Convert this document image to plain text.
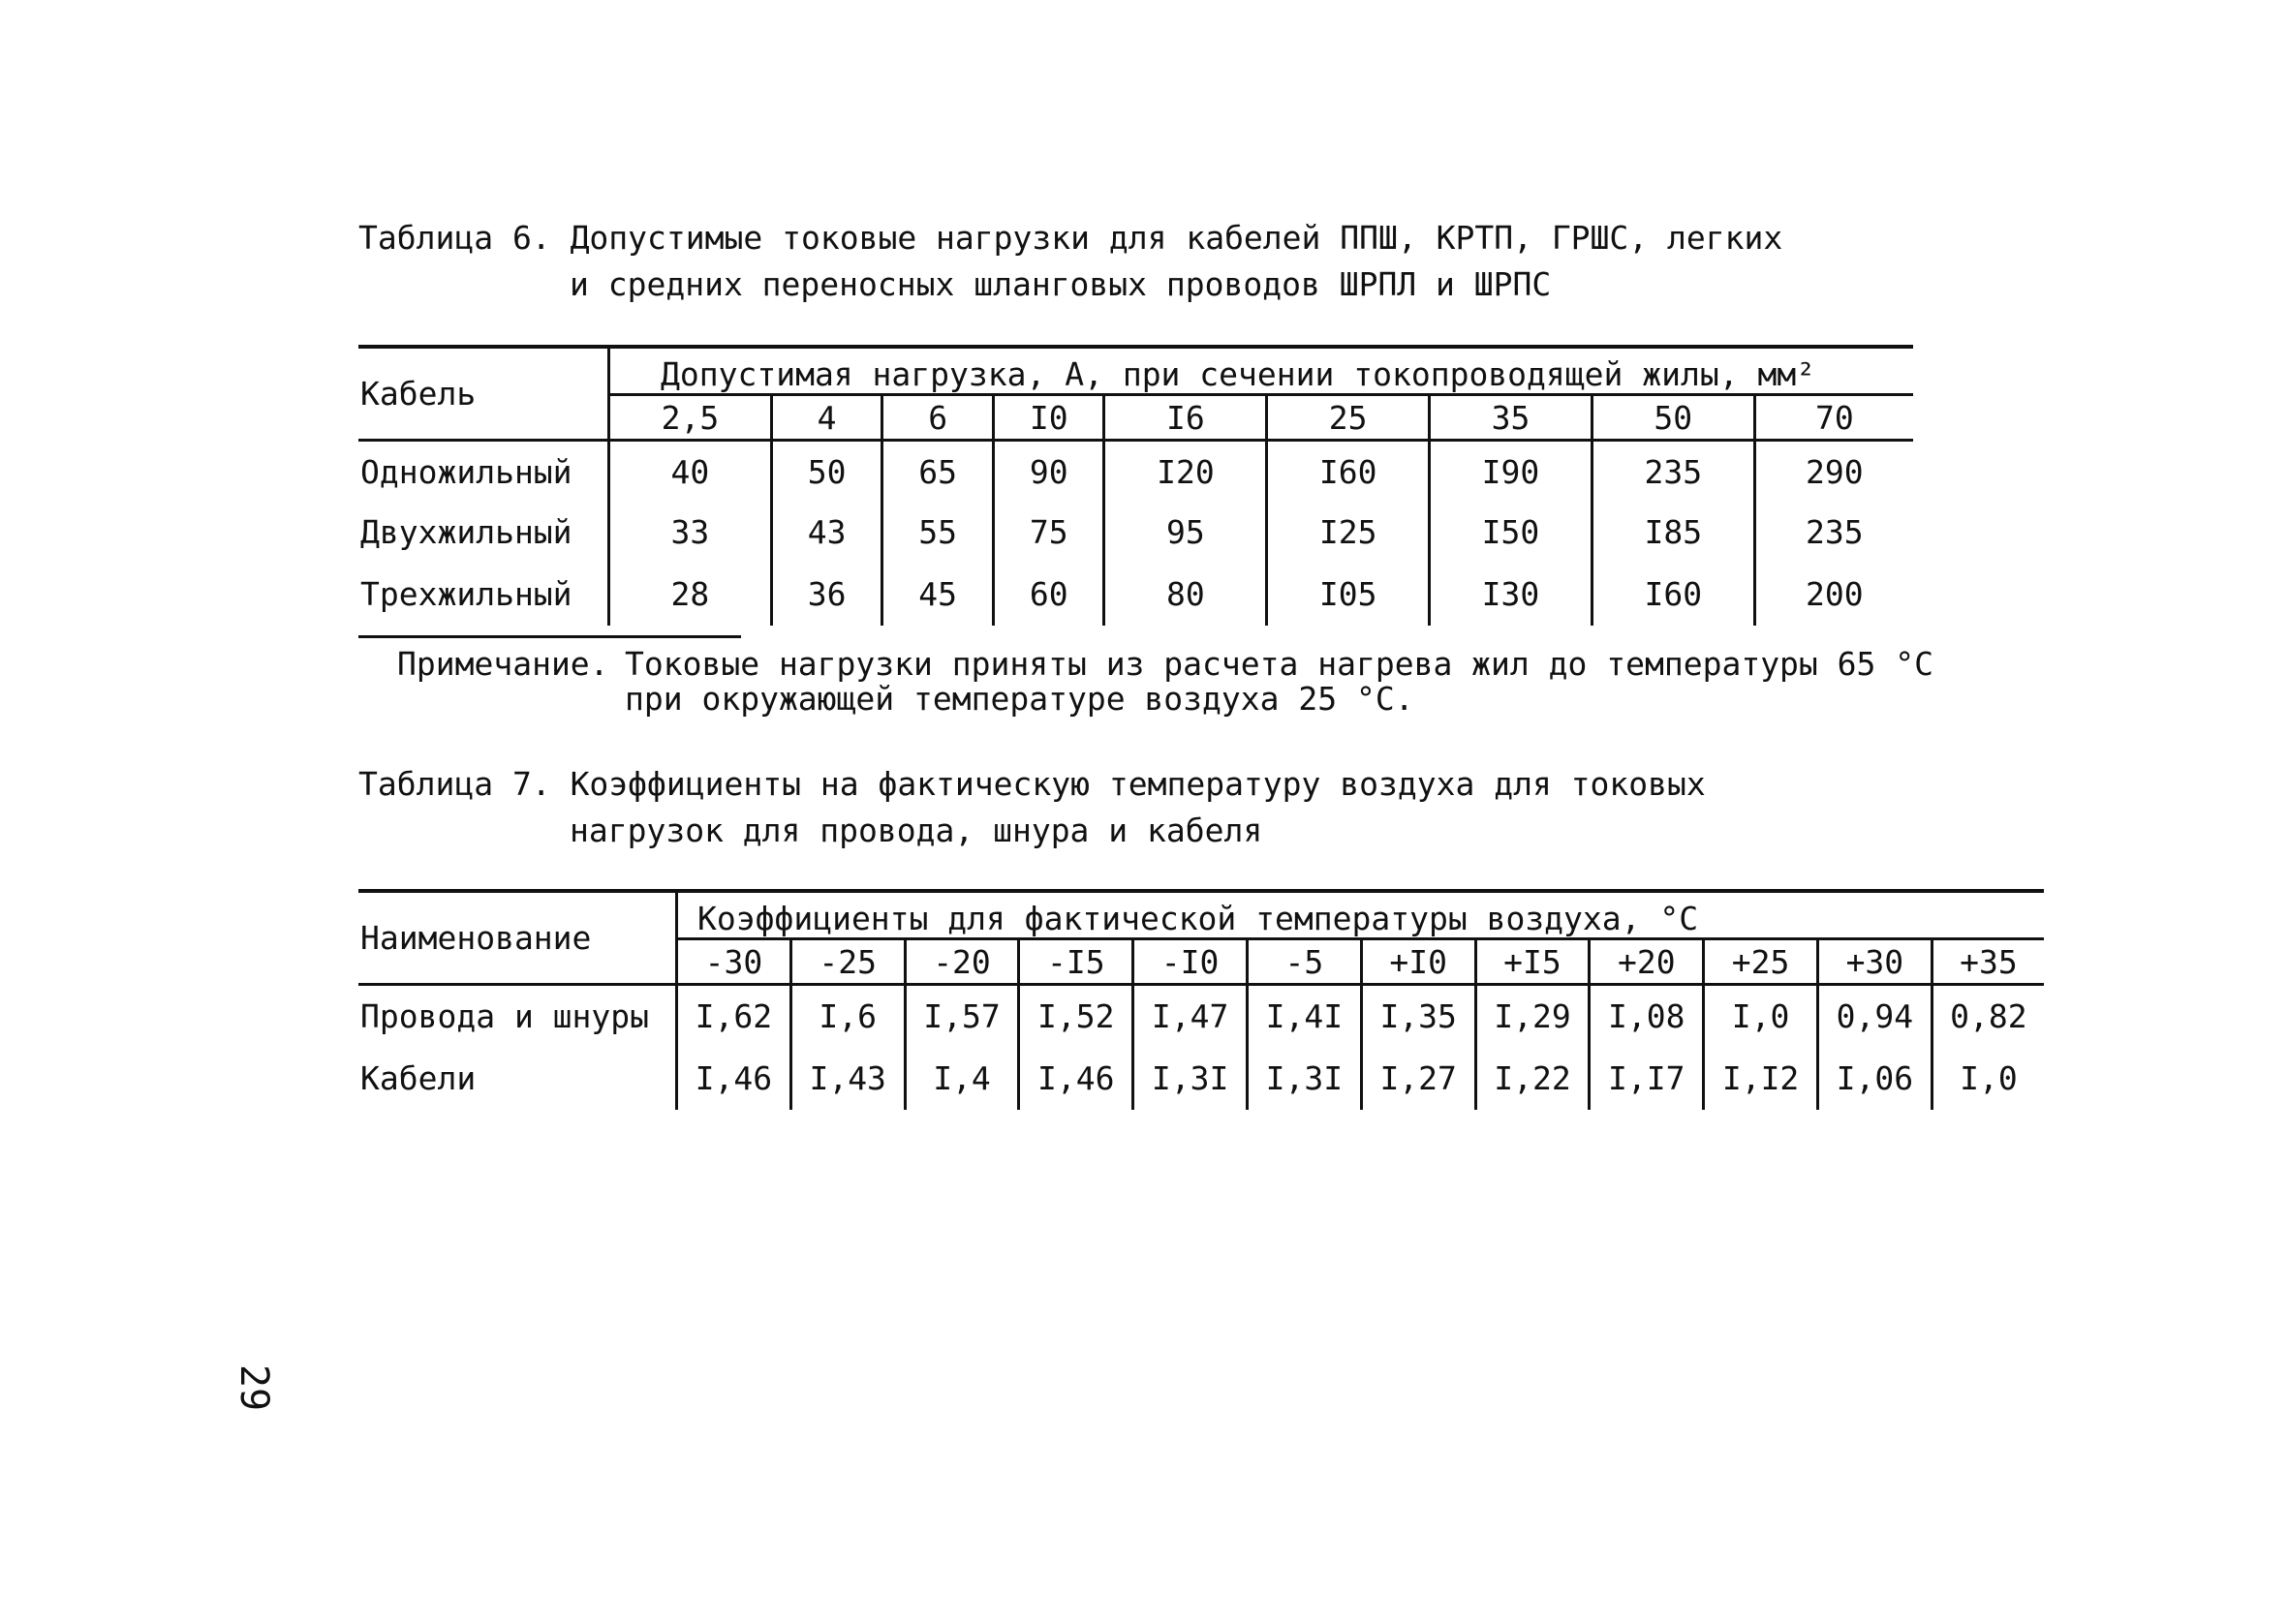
Таблица 6. Допустимые токовые нагрузки для кабелей ППШ, КРТП, ГРШС, легких
и средних переносных шланговых проводов ШРПЛ и ШРПС
Кабель	Допустимая нагрузка, А, при сечении токопроводящей жилы, мм²								
	2,5	4	6	I0	I6	25	35	50	70
Одножильный	40	50	65	90	I20	I60	I90	235	290
Двухжильный	33	43	55	75	95	I25	I50	I85	235
Трехжильный	28	36	45	60	80	I05	I30	I60	200
Примечание. Токовые нагрузки приняты из расчета нагрева жил до температуры 65 °С
при окружающей температуре воздуха 25 °С.
Таблица 7. Коэффициенты на фактическую температуру воздуха для токовых
нагрузок для провода, шнура и кабеля
Наименование	Коэффициенты для фактической температуры воздуха, °С											
	-30	-25	-20	-I5	-I0	-5	+I0	+I5	+20	+25	+30	+35
Провода и шнуры	I,62	I,6	I,57	I,52	I,47	I,4I	I,35	I,29	I,08	I,0	0,94	0,82
Кабели	I,46	I,43	I,4	I,46	I,3I	I,3I	I,27	I,22	I,I7	I,I2	I,06	I,0
29
